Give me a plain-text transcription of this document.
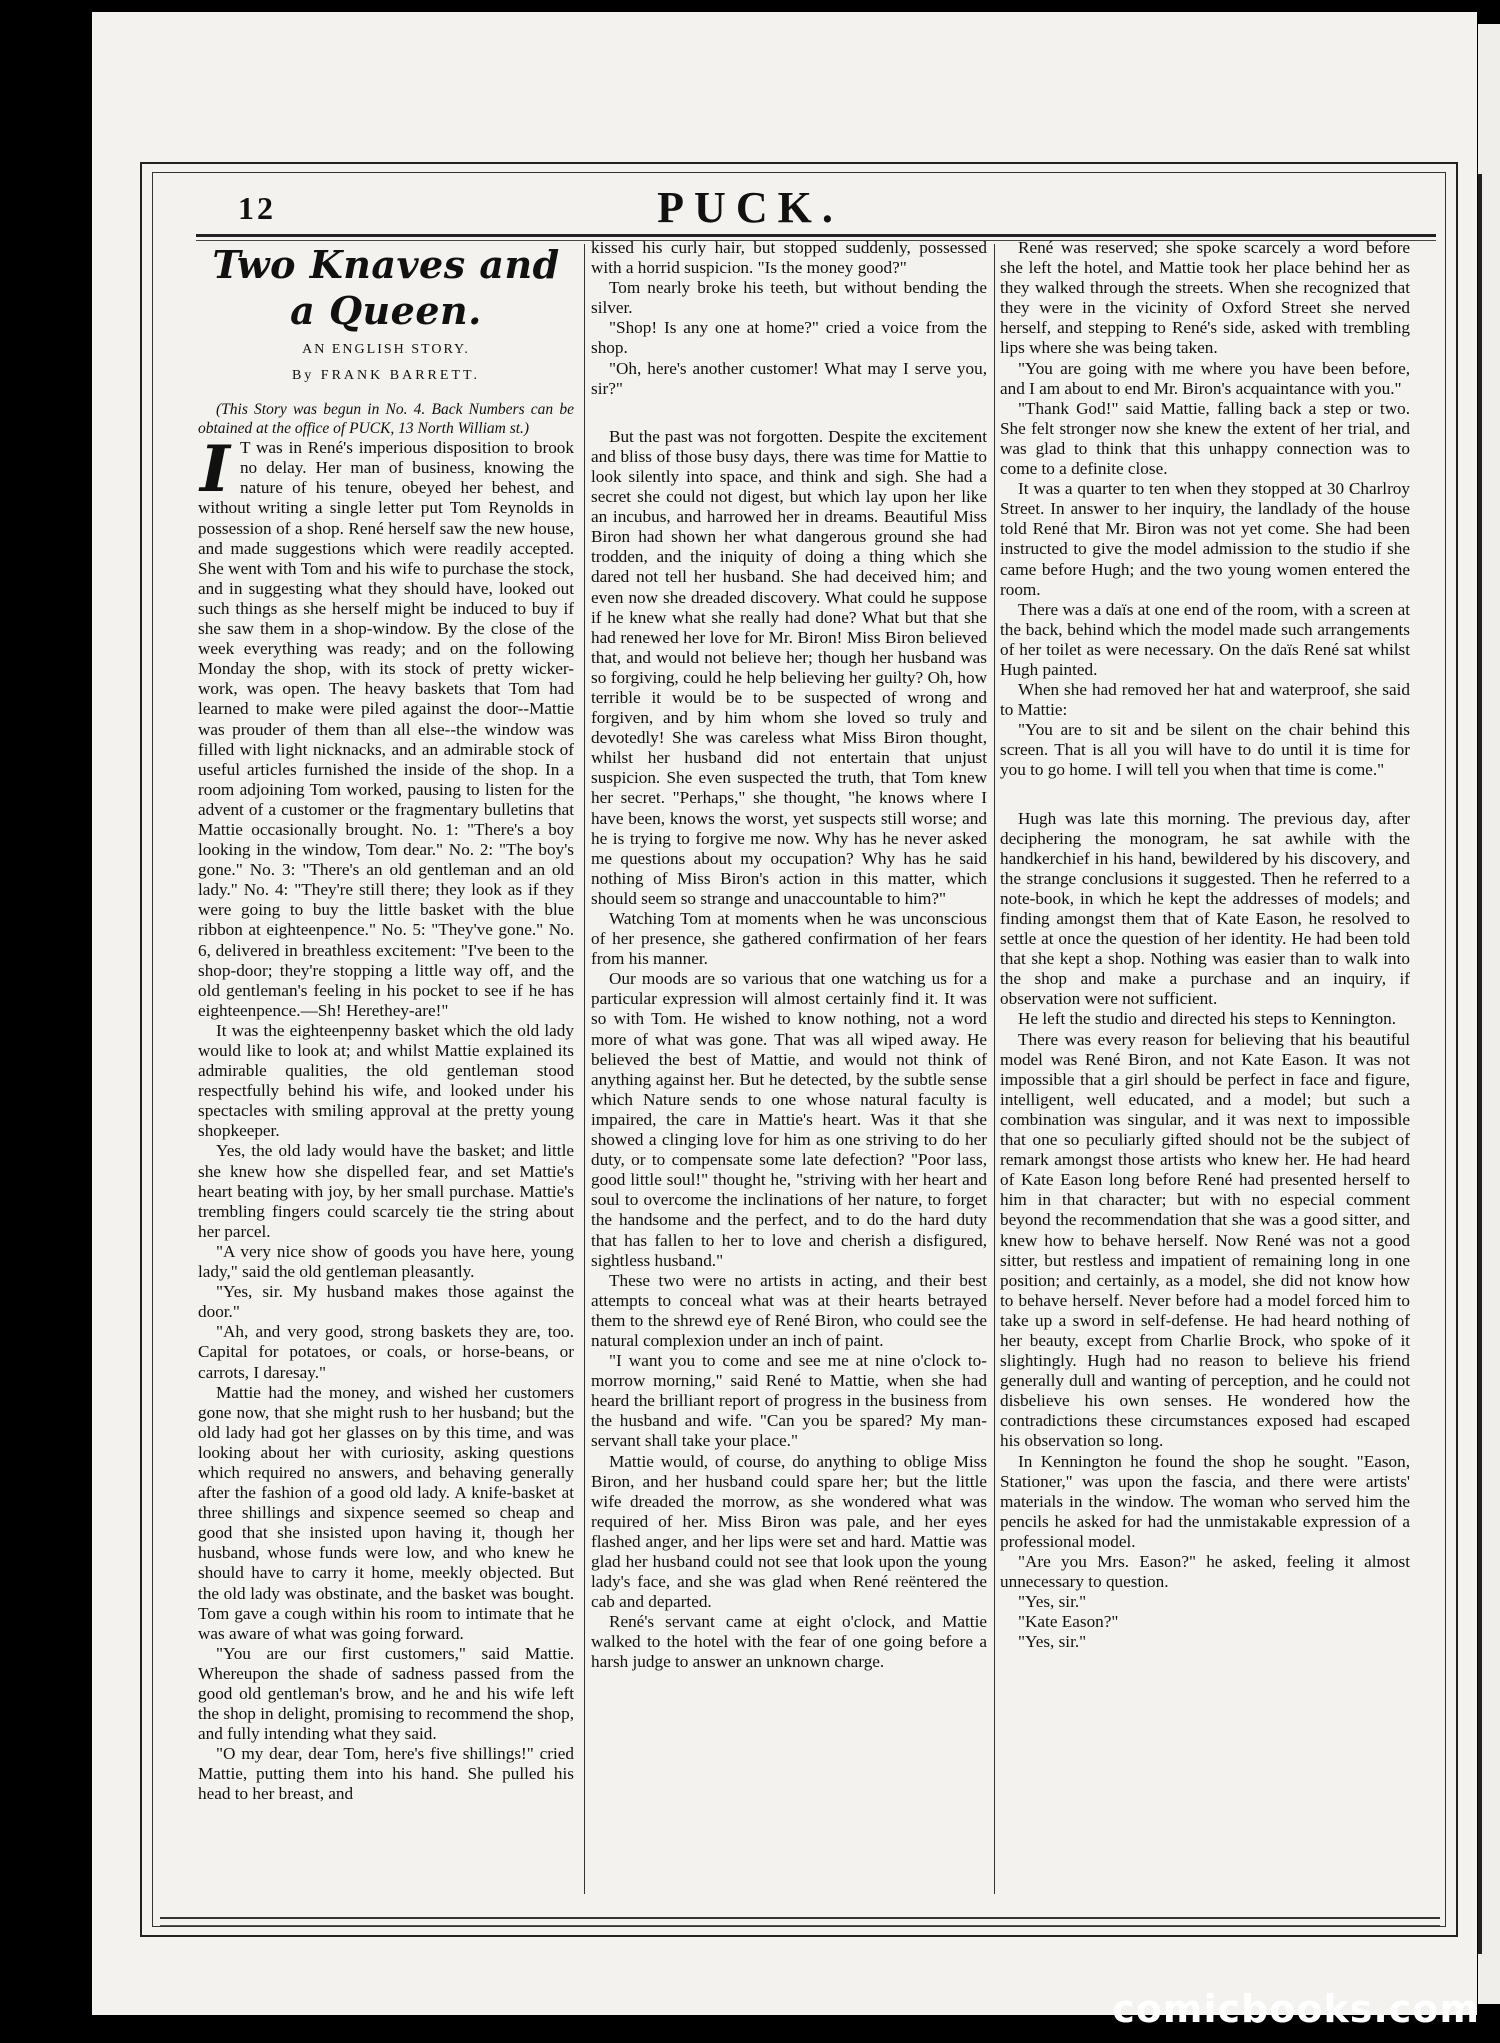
12	PUCK.
Two Knaves and a Queen.
AN ENGLISH STORY.
By FRANK BARRETT.

(This Story was begun in No. 4. Back Numbers can be obtained at the office of PUCK, 13 North William st.)

I T was in René's imperious disposition to brook no delay. Her man of business, knowing the nature of his tenure, obeyed her behest, and without writing a single letter put Tom Reynolds in possession of a shop. René herself saw the new house, and made suggestions which were readily accepted. She went with Tom and his wife to purchase the stock, and in suggesting what they should have, looked out such things as she herself might be induced to buy if she saw them in a shop-window. By the close of the week everything was ready; and on the following Monday the shop, with its stock of pretty wicker-work, was open. The heavy baskets that Tom had learned to make were piled against the door--Mattie was prouder of them than all else--the window was filled with light nicknacks, and an admirable stock of useful articles furnished the inside of the shop. In a room adjoining Tom worked, pausing to listen for the advent of a customer or the fragmentary bulletins that Mattie occasionally brought. No. 1: "There's a boy looking in the window, Tom dear." No. 2: "The boy's gone." No. 3: "There's an old gentleman and an old lady." No. 4: "They're still there; they look as if they were going to buy the little basket with the blue ribbon at eighteenpence." No. 5: "They've gone." No. 6, delivered in breathless excitement: "I've been to the shop-door; they're stopping a little way off, and the old gentleman's feeling in his pocket to see if he has eighteenpence.—Sh! Herethey-are!"

It was the eighteenpenny basket which the old lady would like to look at; and whilst Mattie explained its admirable qualities, the old gentleman stood respectfully behind his wife, and looked under his spectacles with smiling approval at the pretty young shopkeeper.

Yes, the old lady would have the basket; and little she knew how she dispelled fear, and set Mattie's heart beating with joy, by her small purchase. Mattie's trembling fingers could scarcely tie the string about her parcel.

"A very nice show of goods you have here, young lady," said the old gentleman pleasantly.

"Yes, sir. My husband makes those against the door."

"Ah, and very good, strong baskets they are, too. Capital for potatoes, or coals, or horse-beans, or carrots, I daresay."

Mattie had the money, and wished her customers gone now, that she might rush to her husband; but the old lady had got her glasses on by this time, and was looking about her with curiosity, asking questions which required no answers, and behaving generally after the fashion of a good old lady. A knife-basket at three shillings and sixpence seemed so cheap and good that she insisted upon having it, though her husband, whose funds were low, and who knew he should have to carry it home, meekly objected. But the old lady was obstinate, and the basket was bought. Tom gave a cough within his room to intimate that he was aware of what was going forward.

"You are our first customers," said Mattie. Whereupon the shade of sadness passed from the good old gentleman's brow, and he and his wife left the shop in delight, promising to recommend the shop, and fully intending what they said.

"O my dear, dear Tom, here's five shillings!" cried Mattie, putting them into his hand. She pulled his head to her breast, and

kissed his curly hair, but stopped suddenly, possessed with a horrid suspicion. "Is the money good?"

Tom nearly broke his teeth, but without bending the silver.

"Shop! Is any one at home?" cried a voice from the shop.

"Oh, here's another customer! What may I serve you, sir?"

But the past was not forgotten. Despite the excitement and bliss of those busy days, there was time for Mattie to look silently into space, and think and sigh. She had a secret she could not digest, but which lay upon her like an incubus, and harrowed her in dreams. Beautiful Miss Biron had shown her what dangerous ground she had trodden, and the iniquity of doing a thing which she dared not tell her husband. She had deceived him; and even now she dreaded discovery. What could he suppose if he knew what she really had done? What but that she had renewed her love for Mr. Biron! Miss Biron believed that, and would not believe her; though her husband was so forgiving, could he help believing her guilty? Oh, how terrible it would be to be suspected of wrong and forgiven, and by him whom she loved so truly and devotedly! She was careless what Miss Biron thought, whilst her husband did not entertain that unjust suspicion. She even suspected the truth, that Tom knew her secret. "Perhaps," she thought, "he knows where I have been, knows the worst, yet suspects still worse; and he is trying to forgive me now. Why has he never asked me questions about my occupation? Why has he said nothing of Miss Biron's action in this matter, which should seem so strange and unaccountable to him?"

Watching Tom at moments when he was unconscious of her presence, she gathered confirmation of her fears from his manner.

Our moods are so various that one watching us for a particular expression will almost certainly find it. It was so with Tom. He wished to know nothing, not a word more of what was gone. That was all wiped away. He believed the best of Mattie, and would not think of anything against her. But he detected, by the subtle sense which Nature sends to one whose natural faculty is impaired, the care in Mattie's heart. Was it that she showed a clinging love for him as one striving to do her duty, or to compensate some late defection? "Poor lass, good little soul!" thought he, "striving with her heart and soul to overcome the inclinations of her nature, to forget the handsome and the perfect, and to do the hard duty that has fallen to her to love and cherish a disfigured, sightless husband."

These two were no artists in acting, and their best attempts to conceal what was at their hearts betrayed them to the shrewd eye of René Biron, who could see the natural complexion under an inch of paint.

"I want you to come and see me at nine o'clock to-morrow morning," said René to Mattie, when she had heard the brilliant report of progress in the business from the husband and wife. "Can you be spared? My man-servant shall take your place."

Mattie would, of course, do anything to oblige Miss Biron, and her husband could spare her; but the little wife dreaded the morrow, as she wondered what was required of her. Miss Biron was pale, and her eyes flashed anger, and her lips were set and hard. Mattie was glad her husband could not see that look upon the young lady's face, and she was glad when René reëntered the cab and departed.

René's servant came at eight o'clock, and Mattie walked to the hotel with the fear of one going before a harsh judge to answer an unknown charge.

René was reserved; she spoke scarcely a word before she left the hotel, and Mattie took her place behind her as they walked through the streets. When she recognized that they were in the vicinity of Oxford Street she nerved herself, and stepping to René's side, asked with trembling lips where she was being taken.

"You are going with me where you have been before, and I am about to end Mr. Biron's acquaintance with you."

"Thank God!" said Mattie, falling back a step or two. She felt stronger now she knew the extent of her trial, and was glad to think that this unhappy connection was to come to a definite close.

It was a quarter to ten when they stopped at 30 Charlroy Street. In answer to her inquiry, the landlady of the house told René that Mr. Biron was not yet come. She had been instructed to give the model admission to the studio if she came before Hugh; and the two young women entered the room.

There was a daïs at one end of the room, with a screen at the back, behind which the model made such arrangements of her toilet as were necessary. On the daïs René sat whilst Hugh painted.

When she had removed her hat and waterproof, she said to Mattie:

"You are to sit and be silent on the chair behind this screen. That is all you will have to do until it is time for you to go home. I will tell you when that time is come."

Hugh was late this morning. The previous day, after deciphering the monogram, he sat awhile with the handkerchief in his hand, bewildered by his discovery, and the strange conclusions it suggested. Then he referred to a note-book, in which he kept the addresses of models; and finding amongst them that of Kate Eason, he resolved to settle at once the question of her identity. He had been told that she kept a shop. Nothing was easier than to walk into the shop and make a purchase and an inquiry, if observation were not sufficient.

He left the studio and directed his steps to Kennington.

There was every reason for believing that his beautiful model was René Biron, and not Kate Eason. It was not impossible that a girl should be perfect in face and figure, intelligent, well educated, and a model; but such a combination was singular, and it was next to impossible that one so peculiarly gifted should not be the subject of remark amongst those artists who knew her. He had heard of Kate Eason long before René had presented herself to him in that character; but with no especial comment beyond the recommendation that she was a good sitter, and knew how to behave herself. Now René was not a good sitter, but restless and impatient of remaining long in one position; and certainly, as a model, she did not know how to behave herself. Never before had a model forced him to take up a sword in self-defense. He had heard nothing of her beauty, except from Charlie Brock, who spoke of it slightingly. Hugh had no reason to believe his friend generally dull and wanting of perception, and he could not disbelieve his own senses. He wondered how the contradictions these circumstances exposed had escaped his observation so long.

In Kennington he found the shop he sought. "Eason, Stationer," was upon the fascia, and there were artists' materials in the window. The woman who served him the pencils he asked for had the unmistakable expression of a professional model.

"Are you Mrs. Eason?" he asked, feeling it almost unnecessary to question.

"Yes, sir."

"Kate Eason?"

"Yes, sir."

comicbooks.com
